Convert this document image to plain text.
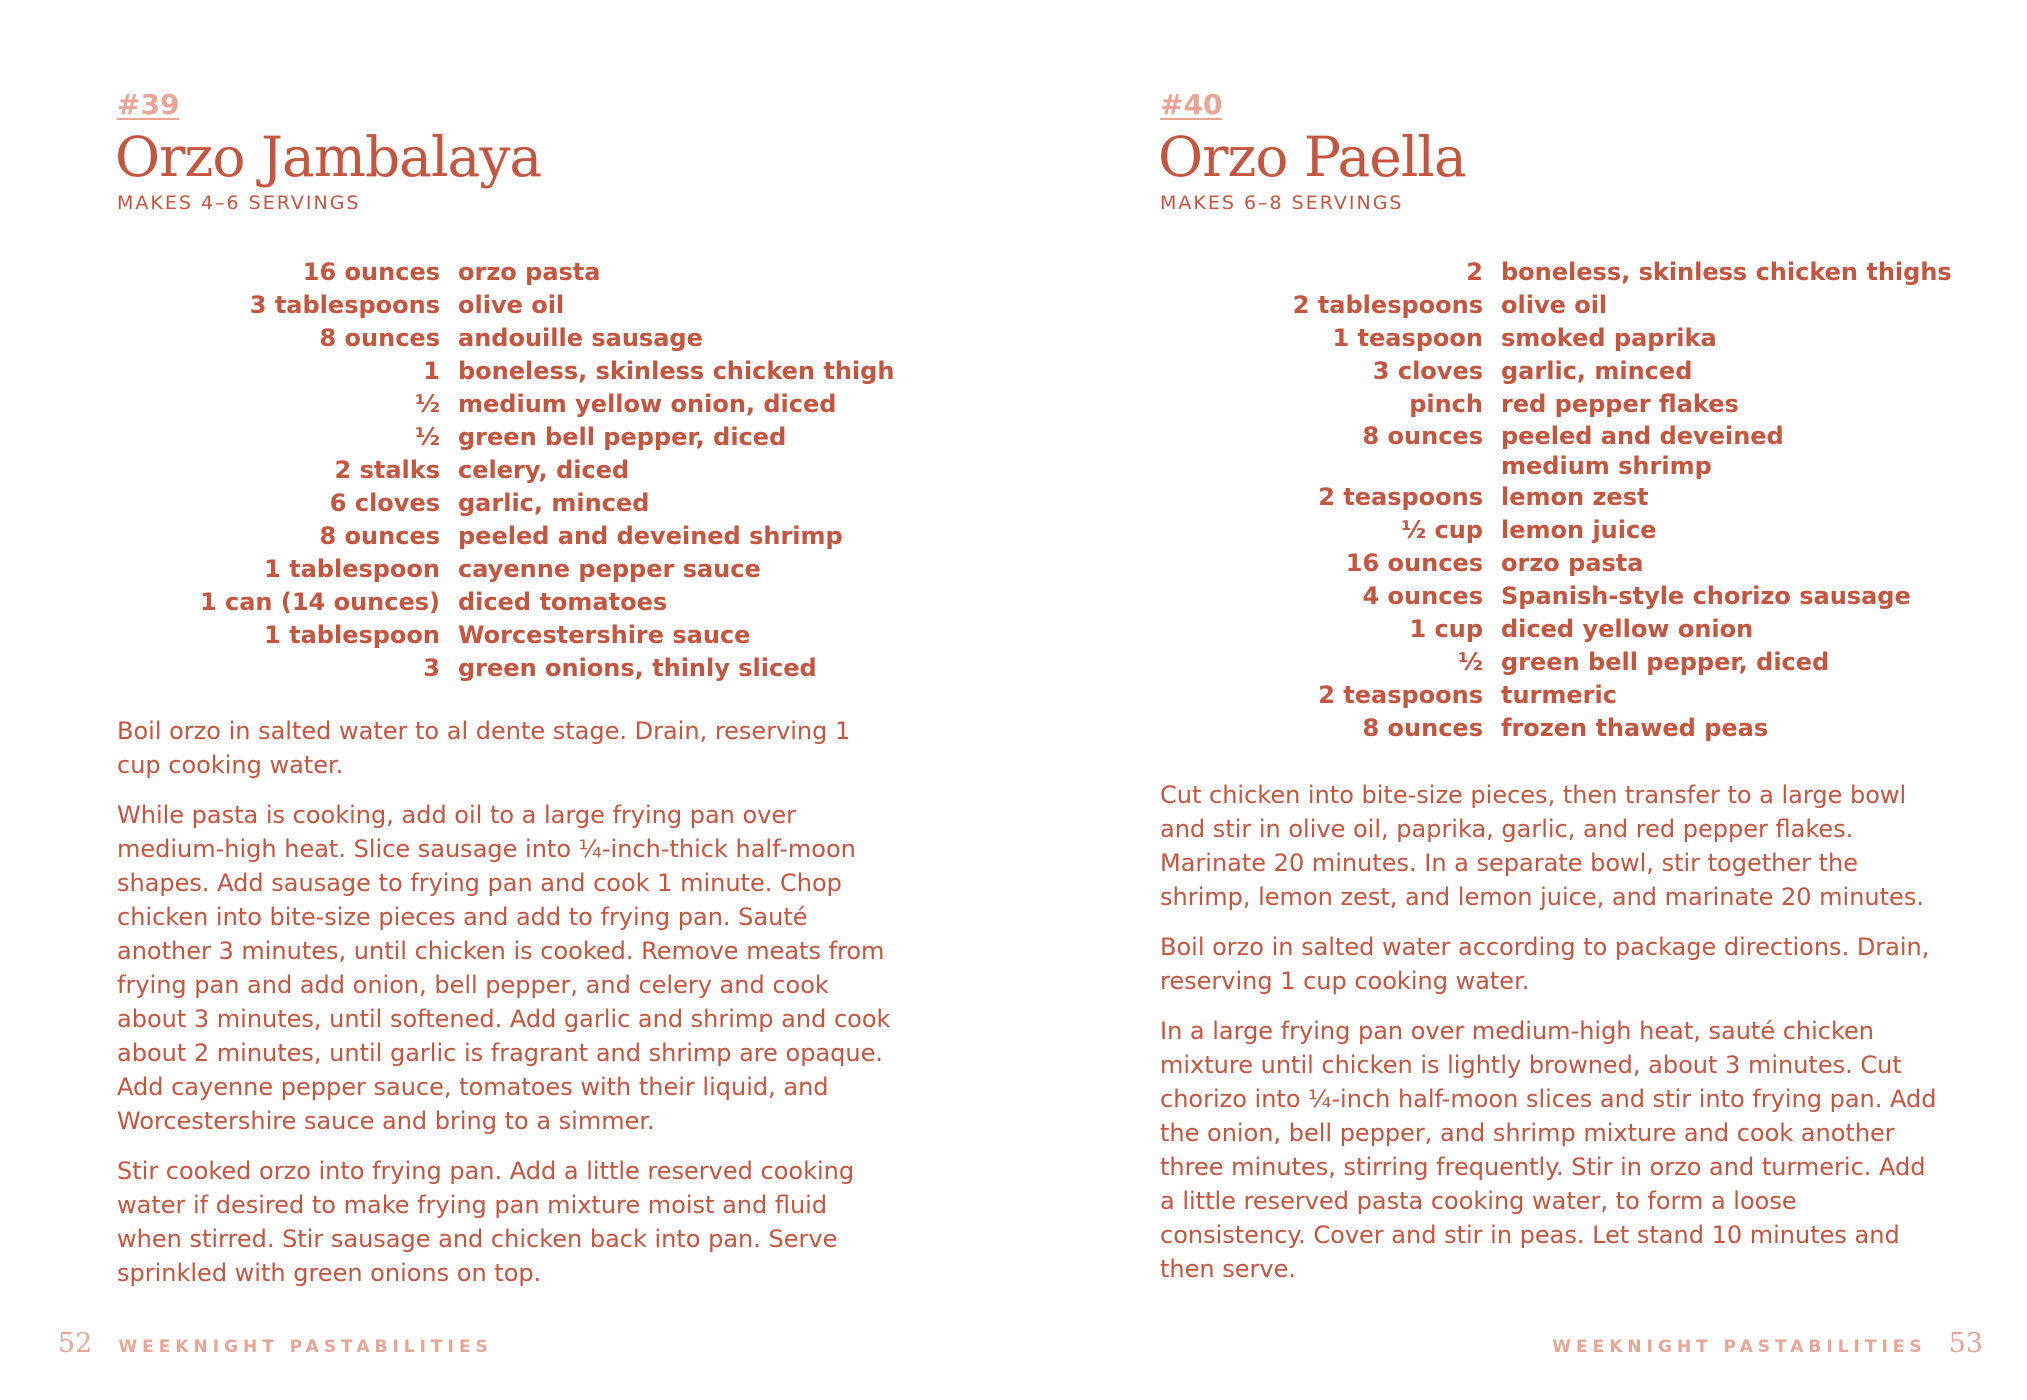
#39
Orzo Jambalaya
MAKES 4–6 SERVINGS
16 ounces orzo pasta
3 tablespoons olive oil
8 ounces andouille sausage
1 boneless, skinless chicken thigh
½ medium yellow onion, diced
½ green bell pepper, diced
2 stalks celery, diced
6 cloves garlic, minced
8 ounces peeled and deveined shrimp
1 tablespoon cayenne pepper sauce
1 can (14 ounces) diced tomatoes
1 tablespoon Worcestershire sauce
3 green onions, thinly sliced

Boil orzo in salted water to al dente stage. Drain, reserving 1 cup cooking water.

While pasta is cooking, add oil to a large frying pan over medium-high heat. Slice sausage into ¼-inch-thick half-moon shapes. Add sausage to frying pan and cook 1 minute. Chop chicken into bite-size pieces and add to frying pan. Sauté another 3 minutes, until chicken is cooked. Remove meats from frying pan and add onion, bell pepper, and celery and cook about 3 minutes, until softened. Add garlic and shrimp and cook about 2 minutes, until garlic is fragrant and shrimp are opaque. Add cayenne pepper sauce, tomatoes with their liquid, and Worcestershire sauce and bring to a simmer.

Stir cooked orzo into frying pan. Add a little reserved cooking water if desired to make frying pan mixture moist and fluid when stirred. Stir sausage and chicken back into pan. Serve sprinkled with green onions on top.

52 WEEKNIGHT PASTABILITIES
#40
Orzo Paella
MAKES 6–8 SERVINGS
2 boneless, skinless chicken thighs
2 tablespoons olive oil
1 teaspoon smoked paprika
3 cloves garlic, minced
pinch red pepper flakes
8 ounces peeled and deveined
medium shrimp
2 teaspoons lemon zest
½ cup lemon juice
16 ounces orzo pasta
4 ounces Spanish-style chorizo sausage
1 cup diced yellow onion
½ green bell pepper, diced
2 teaspoons turmeric
8 ounces frozen thawed peas

Cut chicken into bite-size pieces, then transfer to a large bowl and stir in olive oil, paprika, garlic, and red pepper flakes. Marinate 20 minutes. In a separate bowl, stir together the shrimp, lemon zest, and lemon juice, and marinate 20 minutes.

Boil orzo in salted water according to package directions. Drain, reserving 1 cup cooking water.

In a large frying pan over medium-high heat, sauté chicken mixture until chicken is lightly browned, about 3 minutes. Cut chorizo into ¼-inch half-moon slices and stir into frying pan. Add the onion, bell pepper, and shrimp mixture and cook another three minutes, stirring frequently. Stir in orzo and turmeric. Add a little reserved pasta cooking water, to form a loose consistency. Cover and stir in peas. Let stand 10 minutes and then serve.

WEEKNIGHT PASTABILITIES 53
